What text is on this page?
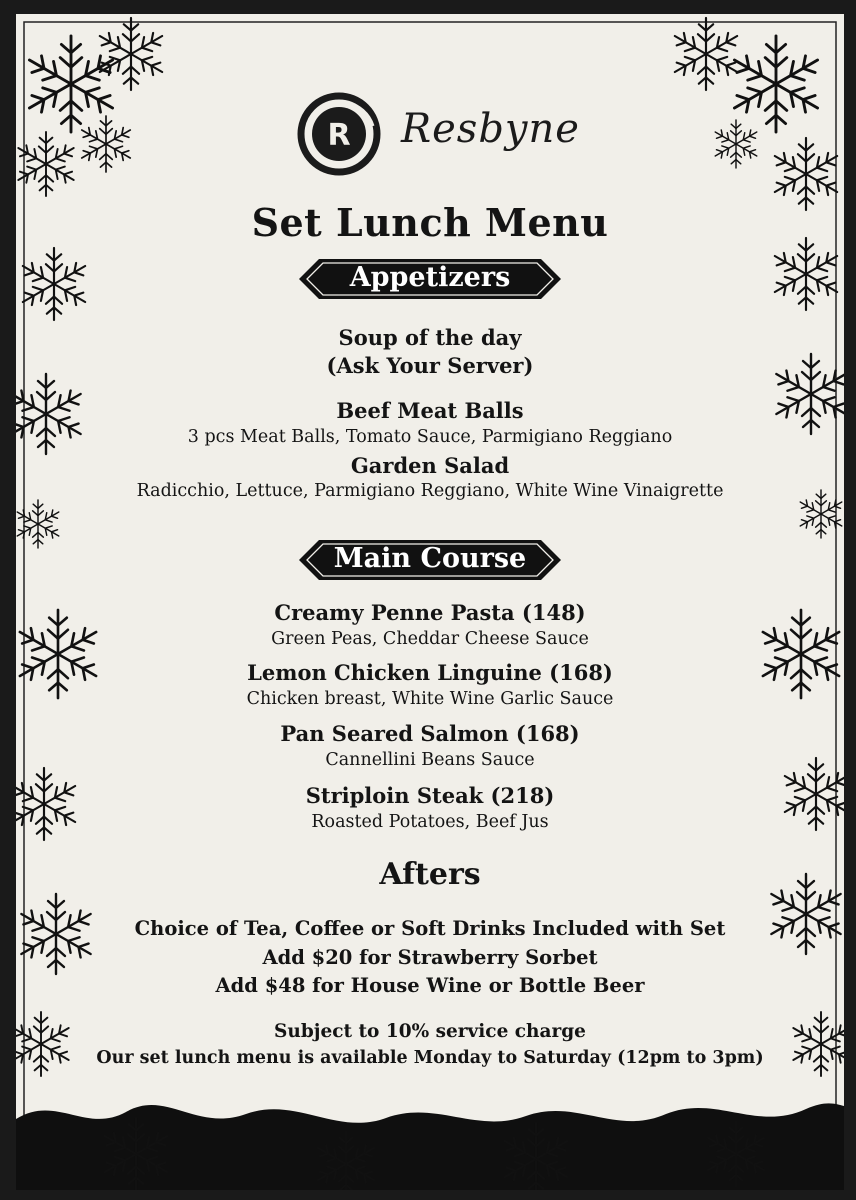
R Resbyne
Set Lunch Menu
Appetizers
Soup of the day
(Ask Your Server)
Beef Meat Balls
3 pcs Meat Balls, Tomato Sauce, Parmigiano Reggiano
Garden Salad
Radicchio, Lettuce, Parmigiano Reggiano, White Wine Vinaigrette
Main Course
Creamy Penne Pasta (148)
Green Peas, Cheddar Cheese Sauce
Lemon Chicken Linguine (168)
Chicken breast, White Wine Garlic Sauce
Pan Seared Salmon (168)
Cannellini Beans Sauce
Striploin Steak (218)
Roasted Potatoes, Beef Jus
Afters
Choice of Tea, Coffee or Soft Drinks Included with Set
Add $20 for Strawberry Sorbet
Add $48 for House Wine or Bottle Beer
Subject to 10% service charge
Our set lunch menu is available Monday to Saturday (12pm to 3pm)
